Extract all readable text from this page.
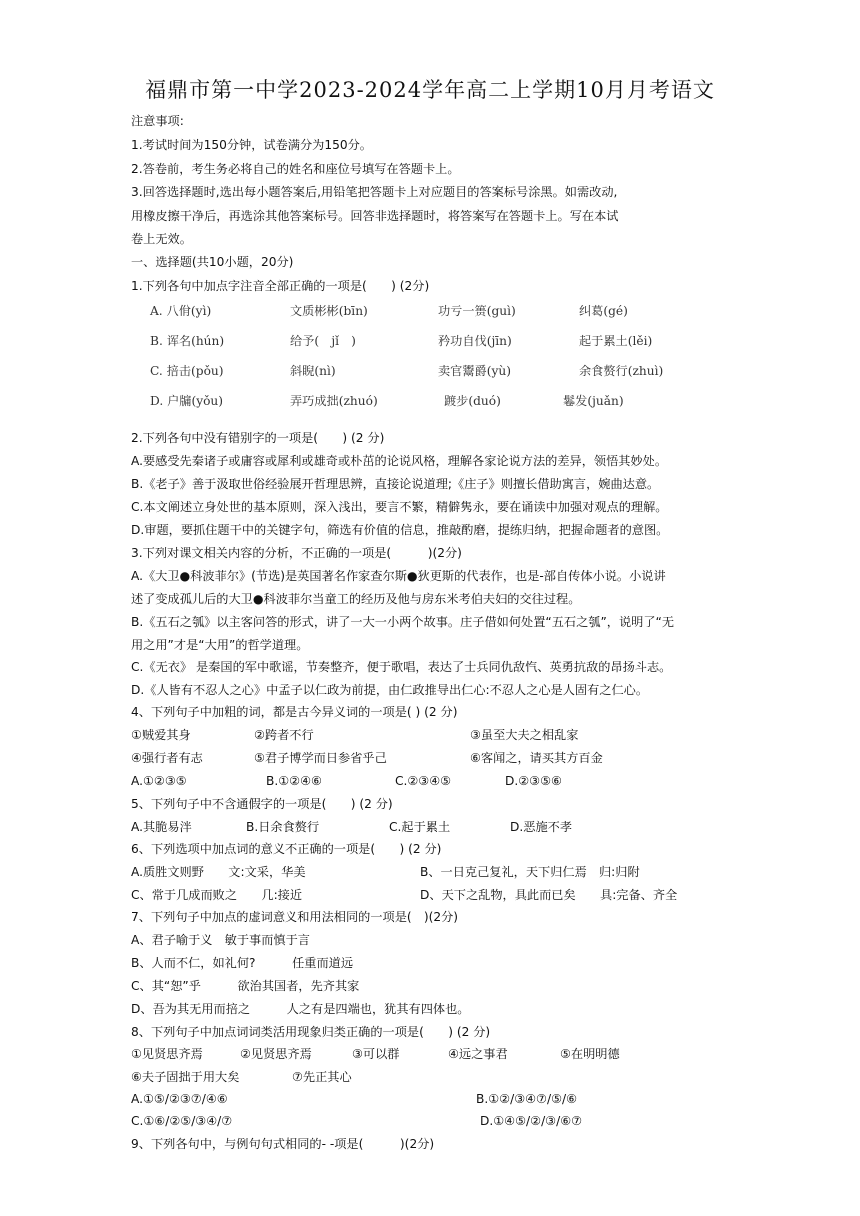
福鼎市第一中学2023-2024学年高二上学期10月月考语文
注意事项:
1.考试时间为150分钟，试卷满分为150分。
2.答卷前，考生务必将自己的姓名和座位号填写在答题卡上。
3.回答选择题时,选出每小题答案后,用铅笔把答题卡上对应题目的答案标号涂黑。如需改动,
用橡皮擦干净后，再选涂其他答案标号。回答非选择题时，将答案写在答题卡上。写在本试
卷上无效。
一、选择题(共10小题，20分)
1.下列各句中加点字注音全部正确的一项是(　　) (2分)
A. 八佾(yì)	文质彬彬(bīn)	功亏一篑(guì)	纠葛(gé)
B. 诨名(hún)	给予(　jǐ　)	矜功自伐(jīn)	起于累土(lěi)
C. 掊击(pǒu)	斜睨(nì)	卖官鬻爵(yù)	余食赘行(zhuì)
D. 户牖(yǒu)	弄巧成拙(zhuó)	踱步(duó)	鬈发(juǎn)
2.下列各句中没有错别字的一项是(　　) (2 分)
A.要感受先秦诸子或庸容或犀利或雄奇或朴茁的论说风格，理解各家论说方法的差异，领悟其妙处。
B.《老子》善于汲取世俗经验展开哲理思辨，直接论说道理;《庄子》则擅长借助寓言，婉曲达意。
C.本文阐述立身处世的基本原则，深入浅出，要言不繁，精僻隽永，要在诵读中加强对观点的理解。
D.审题，要抓住题干中的关键字句，筛选有价值的信息，推敲酌磨，提练归纳，把握命题者的意图。
3.下列对课文相关内容的分析，不正确的一项是(　　　)(2分)
A.《大卫●科波菲尔》(节选)是英国著名作家查尔斯●狄更斯的代表作，也是-部自传体小说。小说讲
述了变成孤儿后的大卫●科波菲尔当童工的经历及他与房东米考伯夫妇的交往过程。
B.《五石之瓠》以主客问答的形式，讲了一大一小两个故事。庄子借如何处置“五石之瓠”，说明了“无
用之用”才是“大用”的哲学道理。
C.《无衣》 是秦国的军中歌谣，节奏整齐，便于歌唱，表达了士兵同仇敌忾、英勇抗敌的昂扬斗志。
D.《人皆有不忍人之心》中孟子以仁政为前提，由仁政推导出仁心:不忍人之心是人固有之仁心。
4、下列句子中加粗的词，都是古今异义词的一项是( ) (2 分)
①贼爱其身	②跨者不行	③虽至大夫之相乱家
④强行者有志	⑤君子博学而日参省乎己	⑥客闻之，请买其方百金
A.①②③⑤	B.①②④⑥	C.②③④⑤	D.②③⑤⑥
5、下列句子中不含通假字的一项是(　　) (2 分)
A.其脆易泮	B.日余食赘行	C.起于累土	D.恶施不孝
6、下列选项中加点词的意义不正确的一项是(　　) (2 分)
A.质胜文则野　　文:文采，华美	B、一日克己复礼，天下归仁焉　归:归附
C、常于几成而败之　　几:接近	D、天下之乱物，具此而已矣　　具:完备、齐全
7、下列句子中加点的虚词意义和用法相同的一项是(　)(2分)
A、君子喻于义　敏于事而慎于言
B、人而不仁，如礼何?　　　任重而道远
C、其“恕”乎　　　欲治其国者，先齐其家
D、吾为其无用而掊之　　　人之有是四端也，犹其有四体也。
8、下列句子中加点词词类活用现象归类正确的一项是(　　) (2 分)
①见贤思齐焉	②见贤思齐焉	③可以群	④远之事君	⑤在明明德
⑥夫子固拙于用大矣	⑦先正其心
A.①⑤/②③⑦/④⑥	B.①②/③④⑦/⑤/⑥
C.①⑥/②⑤/③④/⑦	D.①④⑤/②/③/⑥⑦
9、下列各句中，与例句句式相同的- -项是(　　　)(2分)
